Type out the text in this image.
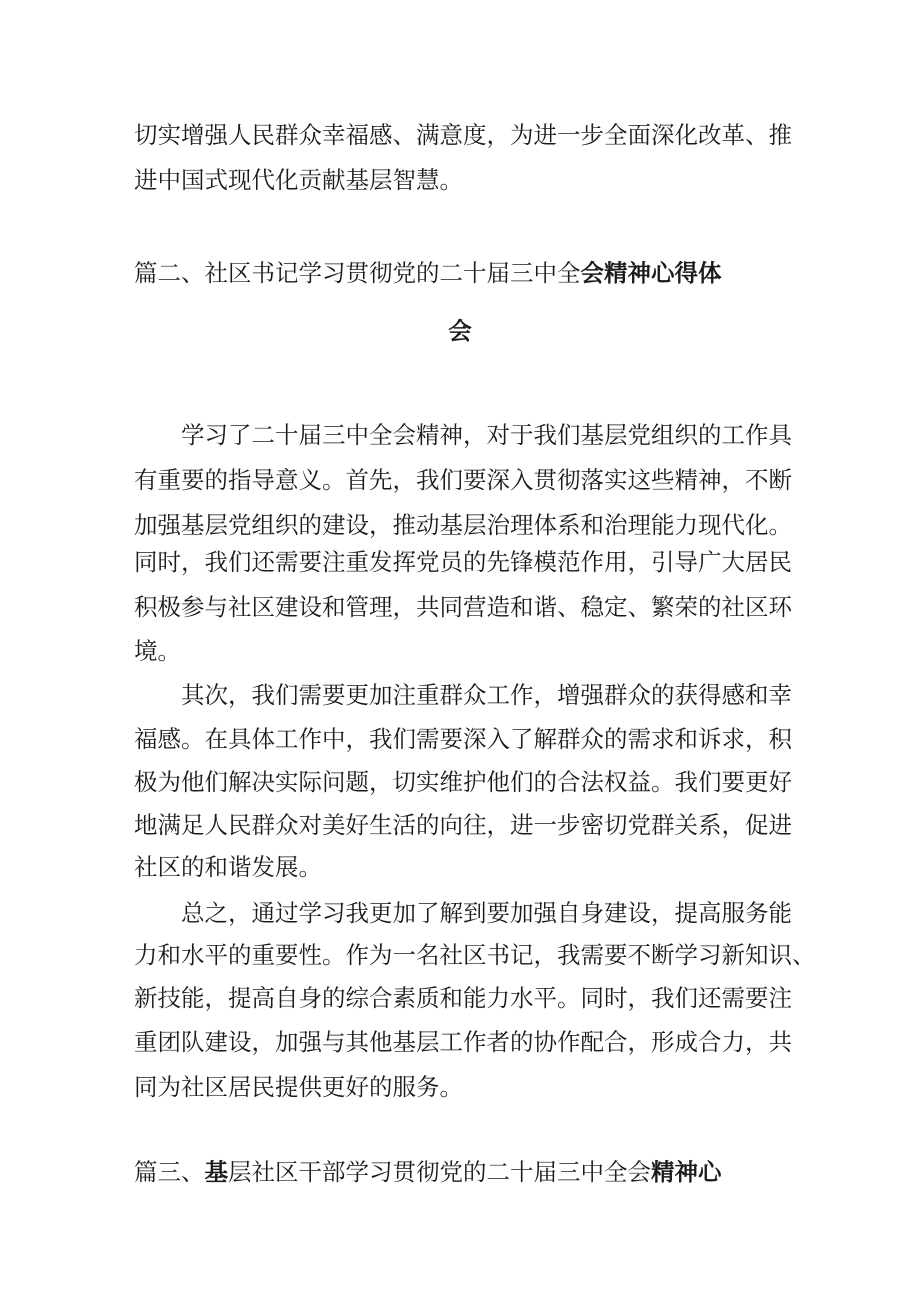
切实增强人民群众幸福感、满意度，为进一步全面深化改革、推
进中国式现代化贡献基层智慧。
篇二、社区书记学习贯彻党的二十届三中全会精神心得体
会
学习了二十届三中全会精神，对于我们基层党组织的工作具
有重要的指导意义。首先，我们要深入贯彻落实这些精神，不断
加强基层党组织的建设，推动基层治理体系和治理能力现代化。
同时，我们还需要注重发挥党员的先锋模范作用，引导广大居民
积极参与社区建设和管理，共同营造和谐、稳定、繁荣的社区环
境。
其次，我们需要更加注重群众工作，增强群众的获得感和幸
福感。在具体工作中，我们需要深入了解群众的需求和诉求，积
极为他们解决实际问题，切实维护他们的合法权益。我们要更好
地满足人民群众对美好生活的向往，进一步密切党群关系，促进
社区的和谐发展。
总之，通过学习我更加了解到要加强自身建设，提高服务能
力和水平的重要性。作为一名社区书记，我需要不断学习新知识、
新技能，提高自身的综合素质和能力水平。同时，我们还需要注
重团队建设，加强与其他基层工作者的协作配合，形成合力，共
同为社区居民提供更好的服务。
篇三、基层社区干部学习贯彻党的二十届三中全会精神心
